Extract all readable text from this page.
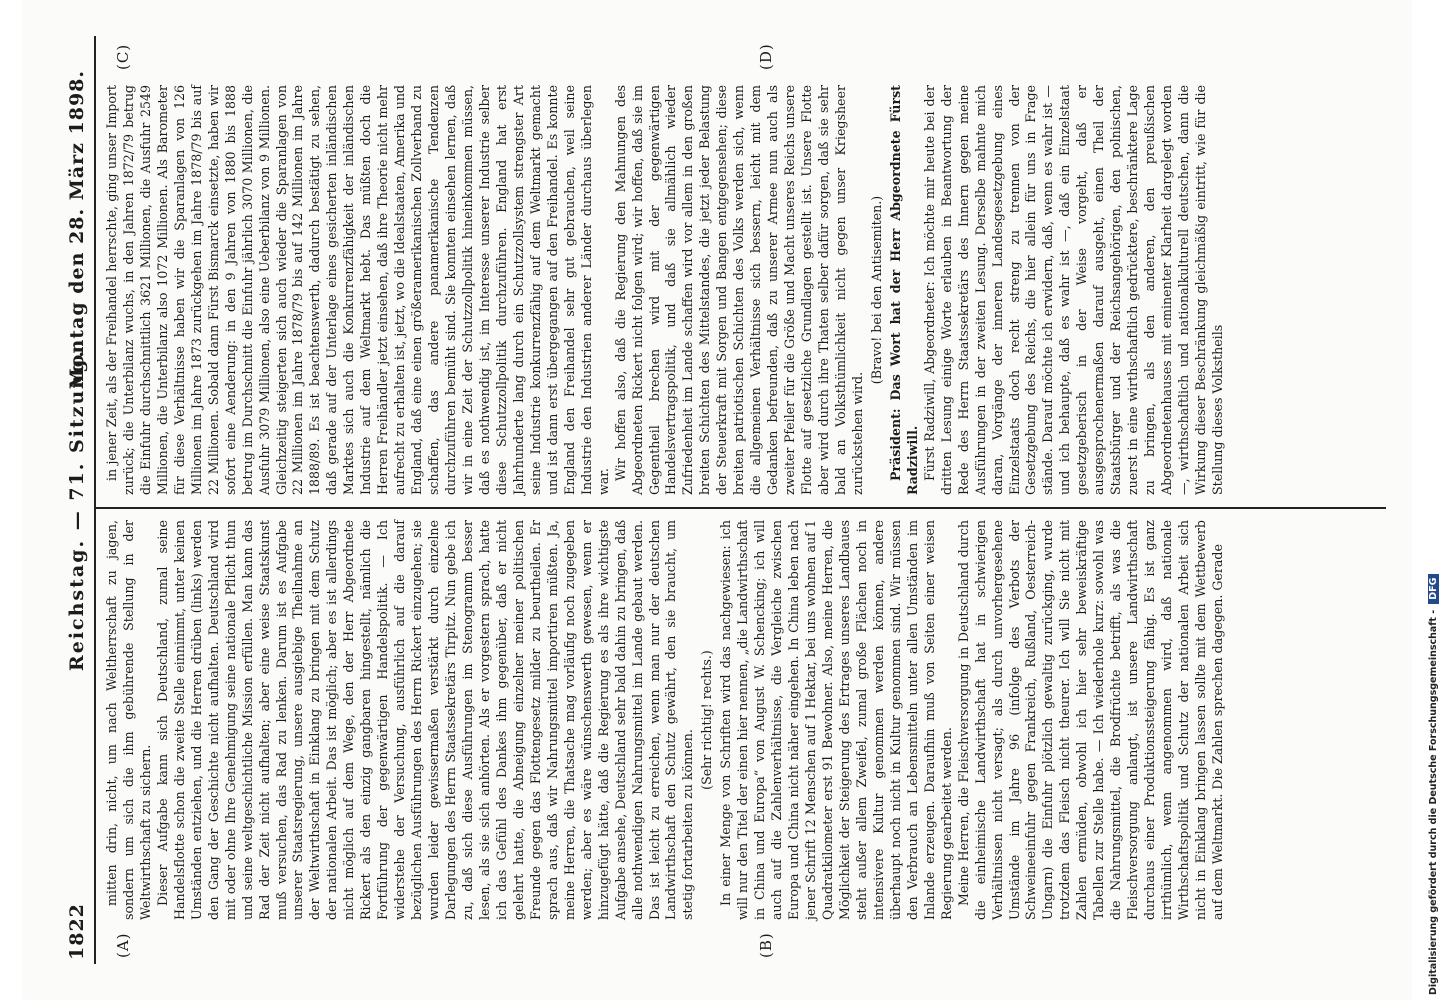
1822
Reichstag. — 71. Sitzung.
Montag den 28. März 1898.
(A)	(B)
(C)	(D)

mitten drin, nicht, um nach Weltherrschaft zu jagen, sondern um sich die ihm gebührende Stellung in der Weltwirthschaft zu sichern. Dieser Aufgabe kann sich Deutschland, zumal seine Handelsflotte schon die zweite Stelle einnimmt, unter keinen Umständen entziehen, und die Herren drüben (links) werden den Gang der Geschichte nicht aufhalten. Deutschland wird mit oder ohne Ihre Genehmigung seine nationale Pflicht thun und seine weltgeschichtliche Mission erfüllen. Man kann das Rad der Zeit nicht aufhalten; aber eine weise Staatskunst muß versuchen, das Rad zu lenken. Darum ist es Aufgabe unserer Staatsregierung, unsere ausgiebige Theilnahme an der Weltwirthschaft in Einklang zu bringen mit dem Schutz der nationalen Arbeit. Das ist möglich; aber es ist allerdings nicht möglich auf dem Wege, den der Herr Abgeordnete Rickert als den einzig gangbaren hingestellt, nämlich die Fortführung der gegenwärtigen Handelspolitik. — Ich widerstehe der Versuchung, ausführlich auf die darauf bezüglichen Ausführungen des Herrn Rickert einzugehen; sie wurden leider gewissermaßen verstärkt durch einzelne Darlegungen des Herrn Staatssekretärs Tirpitz. Nun gebe ich zu, daß sich diese Ausführungen im Stenogramm besser lesen, als sie sich anhörten. Als er vorgestern sprach, hatte ich das Gefühl des Dankes ihm gegenüber, daß er nicht gelehrt hatte, die Abneigung einzelner meiner politischen Freunde gegen das Flottengesetz milder zu beurtheilen. Er sprach aus, daß wir Nahrungsmittel importiren müßten. Ja, meine Herren, die Thatsache mag vorläufig noch zugegeben werden; aber es wäre wünschenswerth gewesen, wenn er hinzugefügt hätte, daß die Regierung es als ihre wichtigste Aufgabe ansehe, Deutschland sehr bald dahin zu bringen, daß alle nothwendigen Nahrungsmittel im Lande gebaut werden. Das ist leicht zu erreichen, wenn man nur der deutschen Landwirthschaft den Schutz gewährt, den sie braucht, um stetig fortarbeiten zu können.

(Sehr richtig! rechts.) In einer Menge von Schriften wird das nachgewiesen: ich will nur den Titel der einen hier nennen, „die Landwirthschaft in China und Europa“ von August W. Schencking; ich will auch auf die Zahlenverhältnisse, die Vergleiche zwischen Europa und China nicht näher eingehen. In China leben nach jener Schrift 12 Menschen auf 1 Hektar, bei uns wohnen auf 1 Quadratkilometer erst 91 Bewohner. Also, meine Herren, die Möglichkeit der Steigerung des Ertrages unseres Landbaues steht außer allem Zweifel, zumal große Flächen noch in intensivere Kultur genommen werden können, andere überhaupt noch nicht in Kultur genommen sind. Wir müssen den Verbrauch an Lebensmitteln unter allen Umständen im Inlande erzeugen. Daraufhin muß von Seiten einer weisen Regierung gearbeitet werden. Meine Herren, die Fleischversorgung in Deutschland durch die einheimische Landwirthschaft hat in schwierigen Verhältnissen nicht versagt; als durch unvorhergesehene Umstände im Jahre 96 (infolge des Verbots der Schweineeinfuhr gegen Frankreich, Rußland, Oesterreich-Ungarn) die Einfuhr plötzlich gewaltig zurückging, wurde trotzdem das Fleisch nicht theurer. Ich will Sie nicht mit Zahlen ermüden, obwohl ich hier sehr beweiskräftige Tabellen zur Stelle habe. — Ich wiederhole kurz: sowohl was die Nahrungsmittel, die Brodfrüchte betrifft, als was die Fleischversorgung anlangt, ist unsere Landwirthschaft durchaus einer Produktionssteigerung fähig. Es ist ganz irrthümlich, wenn angenommen wird, daß nationale Wirthschaftspolitik und Schutz der nationalen Arbeit sich nicht in Einklang bringen lassen sollte mit dem Wettbewerb auf dem Weltmarkt. Die Zahlen sprechen dagegen. Gerade

in jener Zeit, als der Freihandel herrschte, ging unser Import zurück; die Unterbilanz wuchs, in den Jahren 1872/79 betrug die Einfuhr durchschnittlich 3621 Millionen, die Ausfuhr 2549 Millionen, die Unterbilanz also 1072 Millionen. Als Barometer für diese Verhältnisse haben wir die Sparanlagen von 126 Millionen im Jahre 1873 zurückgehen im Jahre 1878/79 bis auf 22 Millionen. Sobald dann Fürst Bismarck einsetzte, haben wir sofort eine Aenderung: in den 9 Jahren von 1880 bis 1888 betrug im Durchschnitt die Einfuhr jährlich 3070 Millionen, die Ausfuhr 3079 Millionen, also eine Ueberbilanz von 9 Millionen. Gleichzeitig steigerten sich auch wieder die Sparanlagen von 22 Millionen im Jahre 1878/79 bis auf 142 Millionen im Jahre 1888/89. Es ist beachtenswerth, dadurch bestätigt zu sehen, daß gerade auf der Unterlage eines gesicherten inländischen Marktes sich auch die Konkurrenzfähigkeit der inländischen Industrie auf dem Weltmarkt hebt. Das müßten doch die Herren Freihändler jetzt einsehen, daß ihre Theorie nicht mehr aufrecht zu erhalten ist, jetzt, wo die Idealstaaten, Amerika und England, daß eine einen größeramerikanischen Zollverband zu schaffen, das andere panamerikanische Tendenzen durchzuführen bemüht sind. Sie konnten einsehen lernen, daß wir in eine Zeit der Schutzzollpolitik hineinkommen müssen, daß es nothwendig ist, im Interesse unserer Industrie selber diese Schutzzollpolitik durchzuführen. England hat erst Jahrhunderte lang durch ein Schutzzollsystem strengster Art seine Industrie konkurrenzfähig auf dem Weltmarkt gemacht und ist dann erst übergegangen auf den Freihandel. Es konnte England den Freihandel sehr gut gebrauchen, weil seine Industrie den Industrien anderer Länder durchaus überlegen war.

Wir hoffen also, daß die Regierung den Mahnungen des Abgeordneten Rickert nicht folgen wird; wir hoffen, daß sie im Gegentheil brechen wird mit der gegenwärtigen Handelsvertragspolitik, und daß sie allmählich wieder Zufriedenheit im Lande schaffen wird vor allem in den großen breiten Schichten des Mittelstandes, die jetzt jeder Belastung der Steuerkraft mit Sorgen und Bangen entgegensehen; diese breiten patriotischen Schichten des Volks werden sich, wenn die allgemeinen Verhältnisse sich bessern, leicht mit dem Gedanken befreunden, daß zu unserer Armee nun auch als zweiter Pfeiler für die Größe und Macht unseres Reichs unsere Flotte auf gesetzliche Grundlagen gestellt ist. Unsere Flotte aber wird durch ihre Thaten selber dafür sorgen, daß sie sehr bald an Volksthümlichkeit nicht gegen unser Kriegsheer zurückstehen wird.

(Bravo! bei den Antisemiten.) Präsident: Das Wort hat der Herr Abgeordnete Fürst Radziwill. Fürst Radziwill, Abgeordneter: Ich möchte mir heute bei der dritten Lesung einige Worte erlauben in Beantwortung der Rede des Herrn Staatssekretärs des Innern gegen meine Ausführungen in der zweiten Lesung. Derselbe mahnte mich daran, Vorgänge der inneren Landesgesetzgebung eines Einzelstaats doch recht streng zu trennen von der Gesetzgebung des Reichs, die hier allein für uns in Frage stände. Darauf möchte ich erwidern, daß, wenn es wahr ist — und ich behaupte, daß es wahr ist —, daß ein Einzelstaat gesetzgeberisch in der Weise vorgeht, daß er ausgesprochenermaßen darauf ausgeht, einen Theil der Staatsbürger und der Reichsangehörigen, den polnischen, zuerst in eine wirthschaftlich gedrücktere, beschränktere Lage zu bringen, als den anderen, den preußischen Abgeordnetenhauses mit eminenter Klarheit dargelegt worden —, wirthschaftlich und nationalkulturell deutschen, dann die Wirkung dieser Beschränkung gleichmäßig eintritt, wie für die Stellung dieses Volkstheils

Digitalisierung gefördert durch die Deutsche Forschungsgemeinschaft -DFG
